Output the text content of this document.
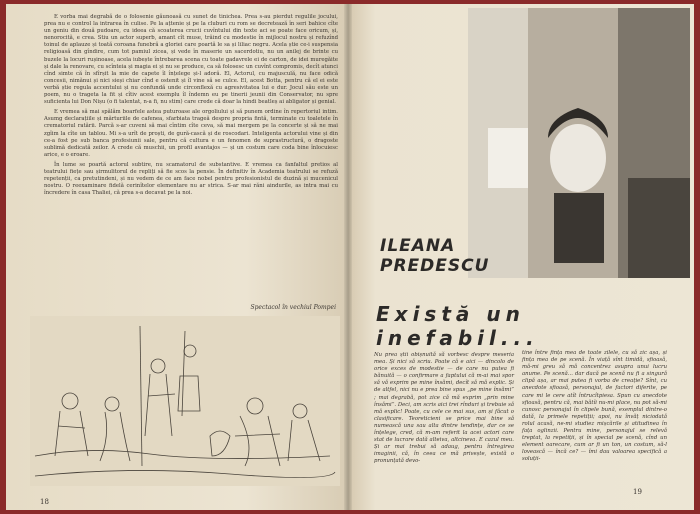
E vorba mai degrabă de o folosenie găunoasă cu sunet de tinichea. Prea s-au pierdut regulile jocului, prea nu e control la intrarea în culise. Pe la ațtenie și pe la cluburi cu rom se decretează în seri bahice cîte un geniu din două pudoare, cu ideea că scoaterea crucii cuvîntului din texte aci se poate face oricum, și, nenorocită, e crea. Stiu un actor superb, amant cît muse, trăind cu modestie în mijlocul nostru și refuzînd toinul de aplauze și toată coroana funebră a gloriei care poartă le sa și liliac negru. Acela știe ce-i suspensia religioasă din gîndire, cum tot pamiul zicea, și vede în maserie un sacerdotiu, nu un anilej de brinte cu buzele la locuri rușinoase, acela iubește întrebarea scena cu toate gadavrele ei de carton, de idei muregăite și dale la renovare, cu scînteia și magia ei și nu se produce, ca să folosesc un cuvînt compromis, decît atunci cînd simte că în sfîrșit la mie de capete îl înțelege și-l adoră. El, Actorul, cu majusculă, nu face odică concesii, nimănui și nici sieși chiar cînd e ostenit și îl vine să se culce. El, acest Botta, pentru că el ei este verbă știe regula accentului și nu confundă unde circonflexă cu agresivitatea lui e dur. Jocul său este un poem, nu o trageta la fit și cîtiv acest exemplu îl îndemn eu pe tinerii jeunii din Conservator, nu spre suficienta lui Don Nișu (o fi talentat, n-a fi, nu stim) care crede că doar la hindi beatleș ai abligator și genial.

E vremea să mai spălăm boarfele astea puturoase ale orgoliului și să punem ordine în repertoriul intim. Asumg declarațiile și mărturiile de cafenea, sfarbiata trageă despre propria fintă, terminate cu toaletele în crematoriul ratării. Parcă s-ar cuveni să mai cîntim cîte ceva, să mai mergem pe la concerte și să ne mai zgîim la cîte un tablou. Mi s-a urît de proști, de gură-cască și de roscodari. Inteligenta actorului vine și din ce-a fost pe sub banca profesiunii sale, pentru că cultura e un fenomen de suprastructură, o dragoste sublimă dedicată zeilor. A crede că muschii, un profil avantajos — și un costum care coda bine înlocuiesc arice, e o eroare.

În lume se poartă actorul subtire, nu scamatorul de substantive. E vremea ca fanfaltul pretios al teatrului fiețe sau șirmulitorul de repliți să fie scos la pensie. În definitiv în Academia teatrului se refuză repetenții, ca pretutindeni, și nu vedem de ce am face nobel pentru profesionistul de duzină și mucenicul nostru. O reexaminare fidelă cerinîtelor elementare nu ar strica. S-ar mai răni aindurile, as intra mai cu încredere în casa Thaliei, că prea s-a decavat pe la noi.

Spectacol în vechiul Pompei
18
ILEANA
PREDESCU
Există un inefabil...
Nu prea știi obișnuită să vorbesc despre meseria mea. Și nici să scriu. Poate că e aici — dincolo de orice exces de modestie — de care nu putea fi bănuită — o confirmare a faptului că m-ai mai spor să vă exprim pe mine însămi, decît să mă explic. Și de altfel, nici nu e prea bine spus „pe mine însămi” ; mai degrabă, pot zice că mă exprim „prin mine însămi”. Deci, am scris aici trei rînduri și trebuie să mă explic! Poate, cu cele ce mai sus, am și făcut o clasificare. Teoreticieni se price mai bine să numească una sau alta dintre tendințe, dar ce se înțelege, cred, că m-am referit la acei actori care stat de lucrare dată alteiva, altcineva. E cazul meu. Și ar mai trebui să adaug, pentru întregirea imaginii, că, în ceea ce mă privește, există o pronunțată devo-
tine între fința mea de toate zilele, cu să zic așa, și fința mea de pe scenă. În viață sînt timidă, sfioasă, mă-mi greu să mă concentrez asupra unui lucru anume. Pe scenă... dar dacă pe scenă nu fi a singură clipă așa, ar mai putea fi vorba de creație? Sînt, cu anecdote sfioasă, personajul, de factori diferite, pe care mi le cere atît întrucîtpiesa. Spun cu anecdote sfioasă, pentru că, mai bătîi nu-mi place, nu pot să-mi cunosc personajul în clipele bună, exemplul dintre-o dată, la primele repetiții; apoi, nu învăț niciodată rolul acasă, ne-mi studiez mișcările și atitudinea în fața oglinzii. Pentru mine, personajul se relevă treptat, la repetiții, și în special pe scenă, cînd un element oarecare, cum ar fi un ton, un costum, să-l lovească — încă ce? — îmi dau valoarea specifică a soluții-
19
